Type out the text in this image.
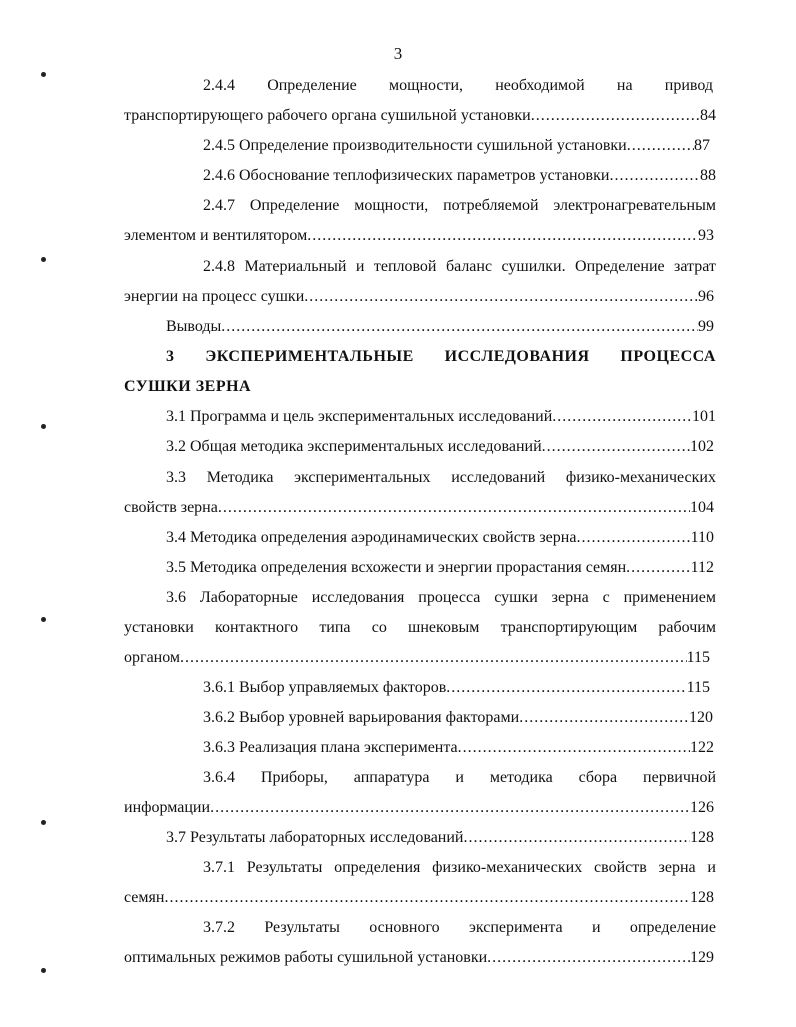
3
2.4.4 Определение мощности, необходимой на привод
транспортирующего рабочего органа сушильной установки .....	84
2.4.5 Определение производительности сушильной установки .....	87
2.4.6 Обоснование теплофизических параметров установки .....	88
2.4.7 Определение мощности, потребляемой электронагревательным
элементом и вентилятором .....	93
2.4.8 Материальный и тепловой баланс сушилки. Определение затрат
энергии на процесс сушки .....	96
Выводы .....	99
3 ЭКСПЕРИМЕНТАЛЬНЫЕ ИССЛЕДОВАНИЯ ПРОЦЕССА
СУШКИ ЗЕРНА
3.1 Программа и цель экспериментальных исследований .....	101
3.2 Общая методика экспериментальных исследований .....	102
3.3 Методика экспериментальных исследований физико-механических
свойств зерна .....	104
3.4 Методика определения аэродинамических свойств зерна .....	110
3.5 Методика определения всхожести и энергии прорастания семян .....	112
3.6 Лабораторные исследования процесса сушки зерна с применением
установки контактного типа со шнековым транспортирующим рабочим
органом .....	115
3.6.1 Выбор управляемых факторов .....	115
3.6.2 Выбор уровней варьирования факторами .....	120
3.6.3 Реализация плана эксперимента .....	122
3.6.4 Приборы, аппаратура и методика сбора первичной
информации .....	126
3.7 Результаты лабораторных исследований .....	128
3.7.1 Результаты определения физико-механических свойств зерна и
семян .....	128
3.7.2 Результаты основного эксперимента и определение
оптимальных режимов работы сушильной установки .....	129
